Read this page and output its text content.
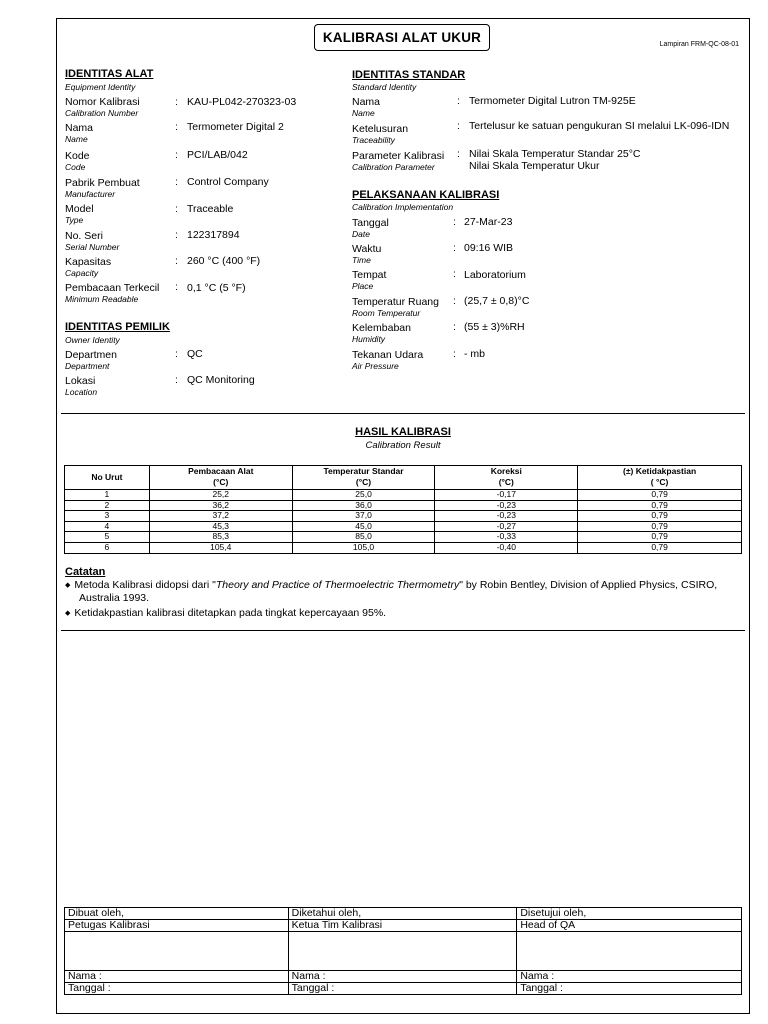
KALIBRASI ALAT UKUR	Lampiran FRM-QC-08-01
IDENTITAS ALAT
Equipment Identity
Nomor Kalibrasi
Calibration Number
: KAU-PL042-270323-03
Nama
Name
: Termometer Digital 2
Kode
Code
: PCI/LAB/042
Pabrik Pembuat
Manufacturer
: Control Company
Model
Type
: Traceable
No. Seri
Serial Number
: 122317894
Kapasitas
Capacity
: 260 °C (400 °F)
Pembacaan Terkecil
Minimum Readable
: 0,1 °C (5 °F)
IDENTITAS PEMILIK
Owner Identity
Departmen
Department
: QC
Lokasi
Location
: QC Monitoring
IDENTITAS STANDAR
Standard Identity
Nama
Name
: Termometer Digital Lutron TM-925E
Ketelusuran
Traceability
: Tertelusur ke satuan pengukuran SI melalui LK-096-IDN
Parameter Kalibrasi
Calibration Parameter
: Nilai Skala Temperatur Standar 25°C
Nilai Skala Temperatur Ukur
PELAKSANAAN KALIBRASI
Calibration Implementation
Tanggal
Date
: 27-Mar-23
Waktu
Time
: 09:16 WIB
Tempat
Place
: Laboratorium
Temperatur Ruang
Room Temperatur
: (25,7 ± 0,8)°C
Kelembaban
Humidity
: (55 ± 3)%RH
Tekanan Udara
Air Pressure
: - mb
HASIL KALIBRASI
Calibration Result
No Urut	Pembacaan Alat	Temperatur Standar	Koreksi	(±) Ketidakpastian
	(°C)	(°C)	(°C)	( °C)
1	25,2	25,0	-0,17	0,79
2	36,2	36,0	-0,23	0,79
3	37,2	37,0	-0,23	0,79
4	45,3	45,0	-0,27	0,79
5	85,3	85,0	-0,33	0,79
6	105,4	105,0	-0,40	0,79
Catatan
◆ Metoda Kalibrasi didopsi dari "Theory and Practice of Thermoelectric Thermometry" by Robin Bentley, Division of Applied Physics, CSIRO,
Australia 1993.
◆ Ketidakpastian kalibrasi ditetapkan pada tingkat kepercayaan 95%.
Dibuat oleh,	Diketahui oleh,	Disetujui oleh,
Petugas Kalibrasi	Ketua Tim Kalibrasi	Head of QA

Nama :	Nama :	Nama :
Tanggal :	Tanggal :	Tanggal :
